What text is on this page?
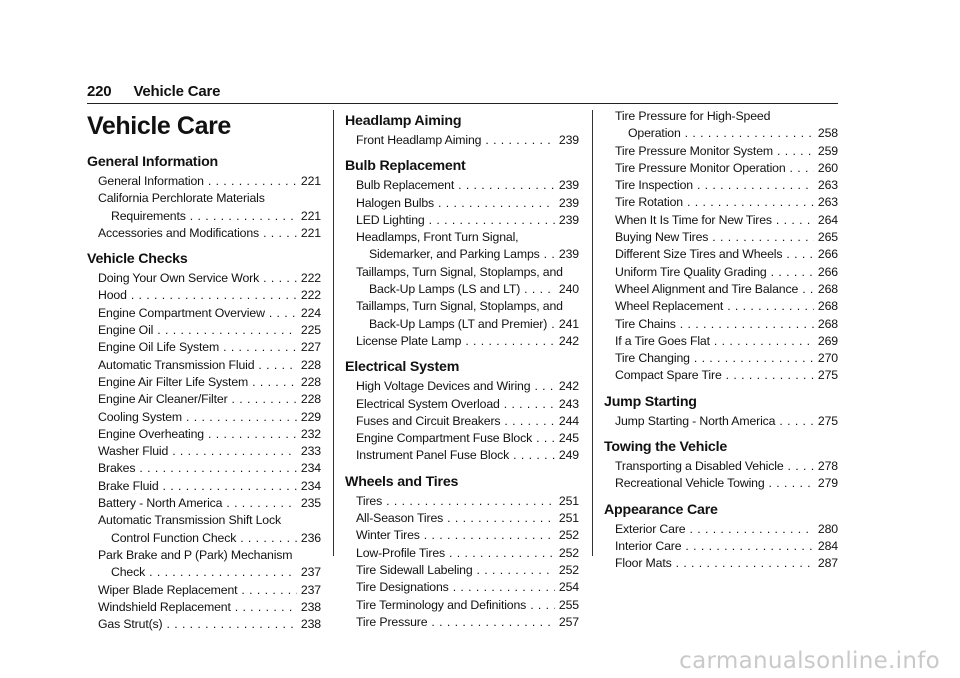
220 Vehicle Care
Vehicle Care
General Information
General Information . . .	221
California Perchlorate Materials
Requirements . . .	221
Accessories and Modifications . . .	221
Vehicle Checks
Doing Your Own Service Work . . .	222
Hood . . .	222
Engine Compartment Overview . . .	224
Engine Oil . . .	225
Engine Oil Life System . . .	227
Automatic Transmission Fluid . . .	228
Engine Air Filter Life System . . .	228
Engine Air Cleaner/Filter . . .	228
Cooling System . . .	229
Engine Overheating . . .	232
Washer Fluid . . .	233
Brakes . . .	234
Brake Fluid . . .	234
Battery - North America . . .	235
Automatic Transmission Shift Lock
Control Function Check . . .	236
Park Brake and P (Park) Mechanism
Check . . .	237
Wiper Blade Replacement . . .	237
Windshield Replacement . . .	238
Gas Strut(s) . . .	238
Headlamp Aiming
Front Headlamp Aiming . . .	239
Bulb Replacement
Bulb Replacement . . .	239
Halogen Bulbs . . .	239
LED Lighting . . .	239
Headlamps, Front Turn Signal,
Sidemarker, and Parking Lamps . . . 239
Taillamps, Turn Signal, Stoplamps, and
Back-Up Lamps (LS and LT) . . .	240
Taillamps, Turn Signal, Stoplamps, and
Back-Up Lamps (LT and Premier) . . . 241
License Plate Lamp . . .	242
Electrical System
High Voltage Devices and Wiring . . . 242
Electrical System Overload . . .	243
Fuses and Circuit Breakers . . .	244
Engine Compartment Fuse Block . . . 245
Instrument Panel Fuse Block . . .	249
Wheels and Tires
Tires . . .	251
All-Season Tires . . .	251
Winter Tires . . .	252
Low-Profile Tires . . .	252
Tire Sidewall Labeling . . .	252
Tire Designations . . .	254
Tire Terminology and Definitions . . .	255
Tire Pressure . . .	257
Tire Pressure for High-Speed
Operation . . .	258
Tire Pressure Monitor System . . .	259
Tire Pressure Monitor Operation . . .	260
Tire Inspection . . .	263
Tire Rotation . . .	263
When It Is Time for New Tires . . .	264
Buying New Tires . . .	265
Different Size Tires and Wheels . . .	266
Uniform Tire Quality Grading . . .	266
Wheel Alignment and Tire Balance . . . 268
Wheel Replacement . . .	268
Tire Chains . . .	268
If a Tire Goes Flat . . .	269
Tire Changing . . .	270
Compact Spare Tire . . .	275
Jump Starting
Jump Starting - North America . . .	275
Towing the Vehicle
Transporting a Disabled Vehicle . . .	278
Recreational Vehicle Towing . . .	279
Appearance Care
Exterior Care . . .	280
Interior Care . . .	284
Floor Mats . . .	287
carmanualsonline.info
